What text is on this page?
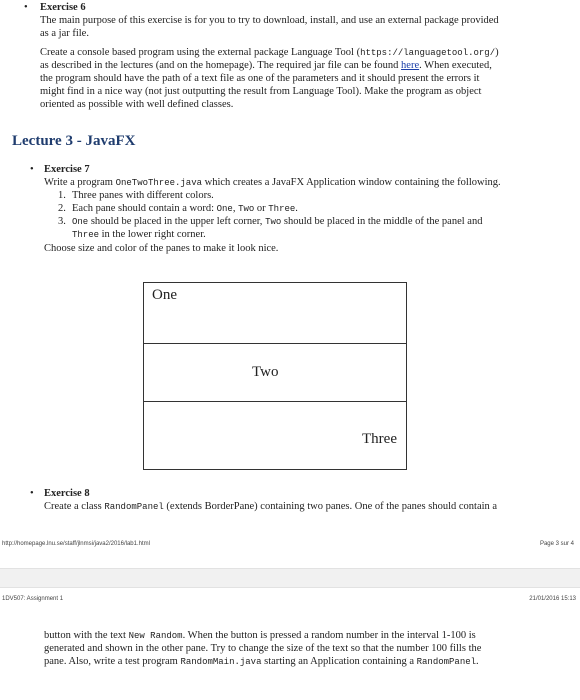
• Exercise 6
The main purpose of this exercise is for you to try to download, install, and use an external package provided
as a jar file.
Create a console based program using the external package Language Tool (https://languagetool.org/)
as described in the lectures (and on the homepage). The required jar file can be found here. When executed,
the program should have the path of a text file as one of the parameters and it should present the errors it
might find in a nice way (not just outputting the result from Language Tool). Make the program as object
oriented as possible with well defined classes.
Lecture 3 - JavaFX
• Exercise 7
Write a program OneTwoThree.java which creates a JavaFX Application window containing the following.
1. Three panes with different colors.
2. Each pane should contain a word: One, Two or Three.
3. One should be placed in the upper left corner, Two should be placed in the middle of the panel and
Three in the lower right corner.
Choose size and color of the panes to make it look nice.
One
Two
Three
• Exercise 8
Create a class RandomPanel (extends BorderPane) containing two panes. One of the panes should contain a
http://homepage.lnu.se/staff/jlnmsi/java2/2016/lab1.html	Page 3 sur 4
1DV507: Assignment 1	21/01/2016 15:13
button with the text New Random. When the button is pressed a random number in the interval 1-100 is
generated and shown in the other pane. Try to change the size of the text so that the number 100 fills the
pane. Also, write a test program RandomMain.java starting an Application containing a RandomPanel.
